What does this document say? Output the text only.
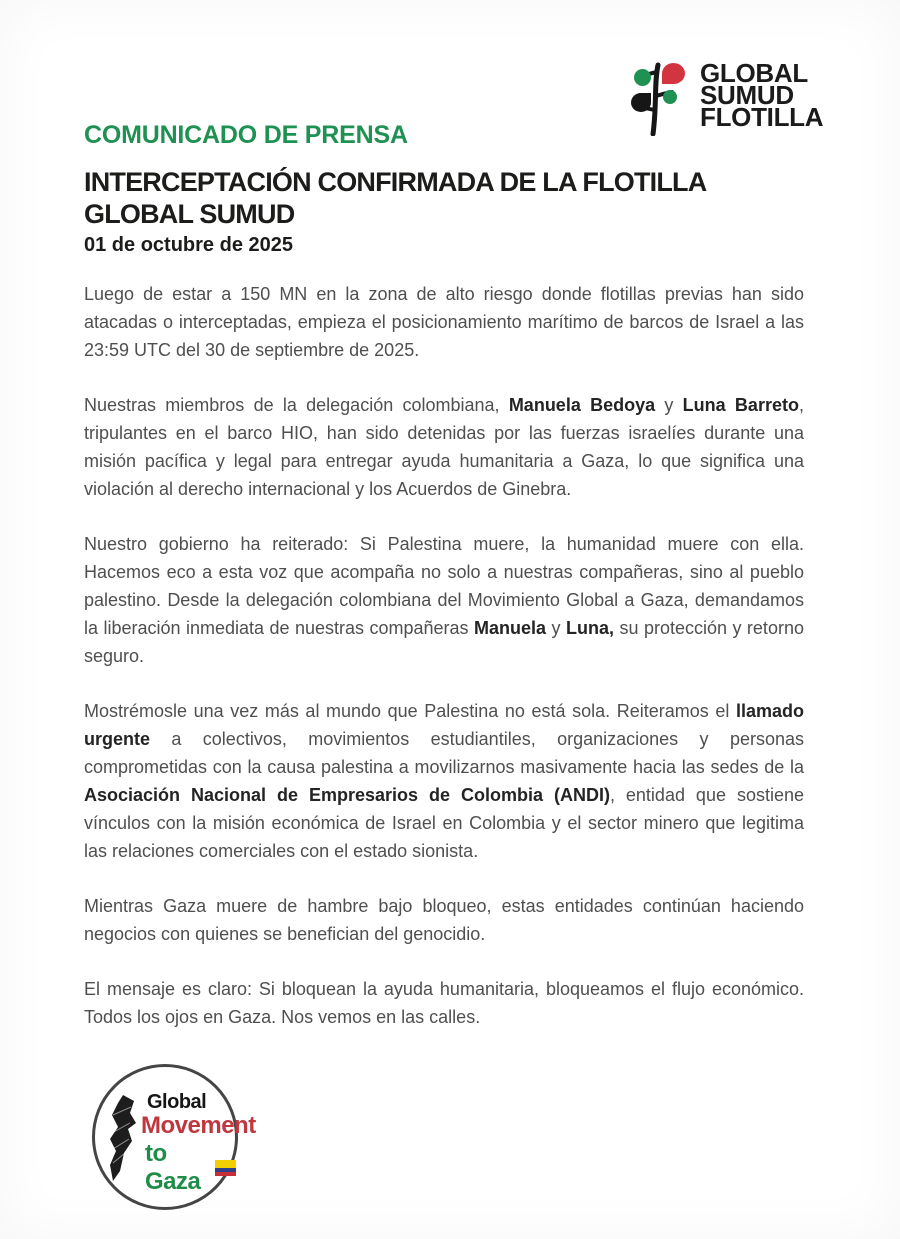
GLOBAL
SUMUD
FLOTILLA
COMUNICADO DE PRENSA
INTERCEPTACIÓN CONFIRMADA DE LA FLOTILLA
GLOBAL SUMUD
01 de octubre de 2025

Luego de estar a 150 MN en la zona de alto riesgo donde flotillas previas han sido atacadas o interceptadas, empieza el posicionamiento marítimo de barcos de Israel a las 23:59 UTC del 30 de septiembre de 2025.

Nuestras miembros de la delegación colombiana, Manuela Bedoya y Luna Barreto, tripulantes en el barco HIO, han sido detenidas por las fuerzas israelíes durante una misión pacífica y legal para entregar ayuda humanitaria a Gaza, lo que significa una violación al derecho internacional y los Acuerdos de Ginebra.

Nuestro gobierno ha reiterado: Si Palestina muere, la humanidad muere con ella. Hacemos eco a esta voz que acompaña no solo a nuestras compañeras, sino al pueblo palestino. Desde la delegación colombiana del Movimiento Global a Gaza, demandamos la liberación inmediata de nuestras compañeras Manuela y Luna, su protección y retorno seguro.

Mostrémosle una vez más al mundo que Palestina no está sola. Reiteramos el llamado urgente a colectivos, movimientos estudiantiles, organizaciones y personas comprometidas con la causa palestina a movilizarnos masivamente hacia las sedes de la Asociación Nacional de Empresarios de Colombia (ANDI), entidad que sostiene vínculos con la misión económica de Israel en Colombia y el sector minero que legitima las relaciones comerciales con el estado sionista.

Mientras Gaza muere de hambre bajo bloqueo, estas entidades continúan haciendo negocios con quienes se benefician del genocidio.

El mensaje es claro: Si bloquean la ayuda humanitaria, bloqueamos el flujo económico. Todos los ojos en Gaza. Nos vemos en las calles.

Global
Movement
to Gaza
